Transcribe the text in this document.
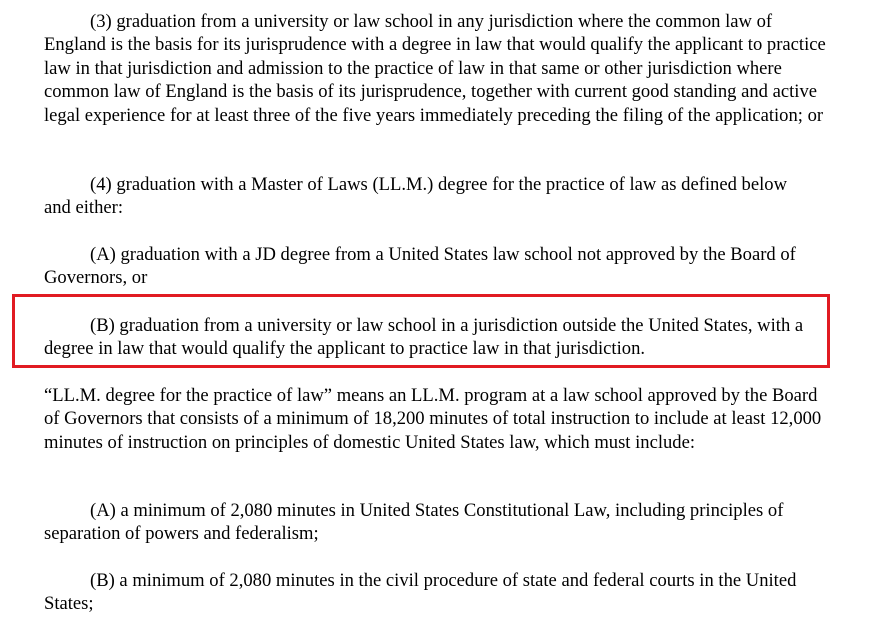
(3) graduation from a university or law school in any jurisdiction where the common law of England is the basis for its jurisprudence with a degree in law that would qualify the applicant to practice law in that jurisdiction and admission to the practice of law in that same or other jurisdiction where common law of England is the basis of its jurisprudence, together with current good standing and active legal experience for at least three of the five years immediately preceding the filing of the application; or

(4) graduation with a Master of Laws (LL.M.) degree for the practice of law as defined below and either:

(A) graduation with a JD degree from a United States law school not approved by the Board of Governors, or

(B) graduation from a university or law school in a jurisdiction outside the United States, with a degree in law that would qualify the applicant to practice law in that jurisdiction.

“LL.M. degree for the practice of law” means an LL.M. program at a law school approved by the Board of Governors that consists of a minimum of 18,200 minutes of total instruction to include at least 12,000 minutes of instruction on principles of domestic United States law, which must include:

(A) a minimum of 2,080 minutes in United States Constitutional Law, including principles of separation of powers and federalism;

(B) a minimum of 2,080 minutes in the civil procedure of state and federal courts in the United States;
